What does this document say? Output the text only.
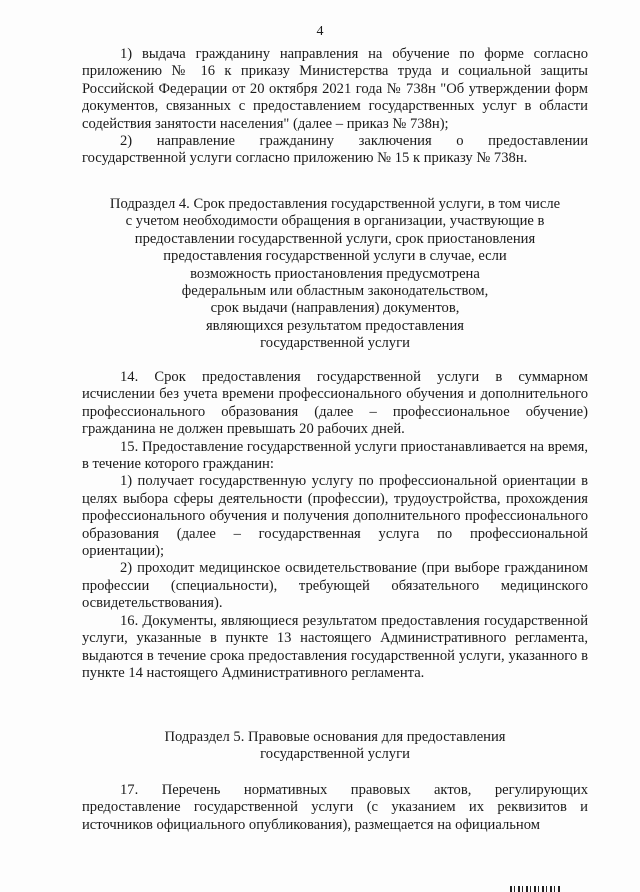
4

1) выдача гражданину направления на обучение по форме согласно приложению № 16 к приказу Министерства труда и социальной защиты Российской Федерации от 20 октября 2021 года № 738н "Об утверждении форм документов, связанных с предоставлением государственных услуг в области содействия занятости населения" (далее – приказ № 738н);

2) направление гражданину заключения о предоставлении государственной услуги согласно приложению № 15 к приказу № 738н.

Подраздел 4. Срок предоставления государственной услуги, в том числе
с учетом необходимости обращения в организации, участвующие в
предоставлении государственной услуги, срок приостановления
предоставления государственной услуги в случае, если
возможность приостановления предусмотрена
федеральным или областным законодательством,
срок выдачи (направления) документов,
являющихся результатом предоставления
государственной услуги

14. Срок предоставления государственной услуги в суммарном исчислении без учета времени профессионального обучения и дополнительного профессионального образования (далее – профессиональное обучение) гражданина не должен превышать 20 рабочих дней.

15. Предоставление государственной услуги приостанавливается на время, в течение которого гражданин:

1) получает государственную услугу по профессиональной ориентации в целях выбора сферы деятельности (профессии), трудоустройства, прохождения профессионального обучения и получения дополнительного профессионального образования (далее – государственная услуга по профессиональной ориентации);

2) проходит медицинское освидетельствование (при выборе гражданином профессии (специальности), требующей обязательного медицинского освидетельствования).

16. Документы, являющиеся результатом предоставления государственной услуги, указанные в пункте 13 настоящего Административного регламента, выдаются в течение срока предоставления государственной услуги, указанного в пункте 14 настоящего Административного регламента.

Подраздел 5. Правовые основания для предоставления
государственной услуги

17. Перечень нормативных правовых актов, регулирующих предоставление государственной услуги (с указанием их реквизитов и источников официального опубликования), размещается на официальном
